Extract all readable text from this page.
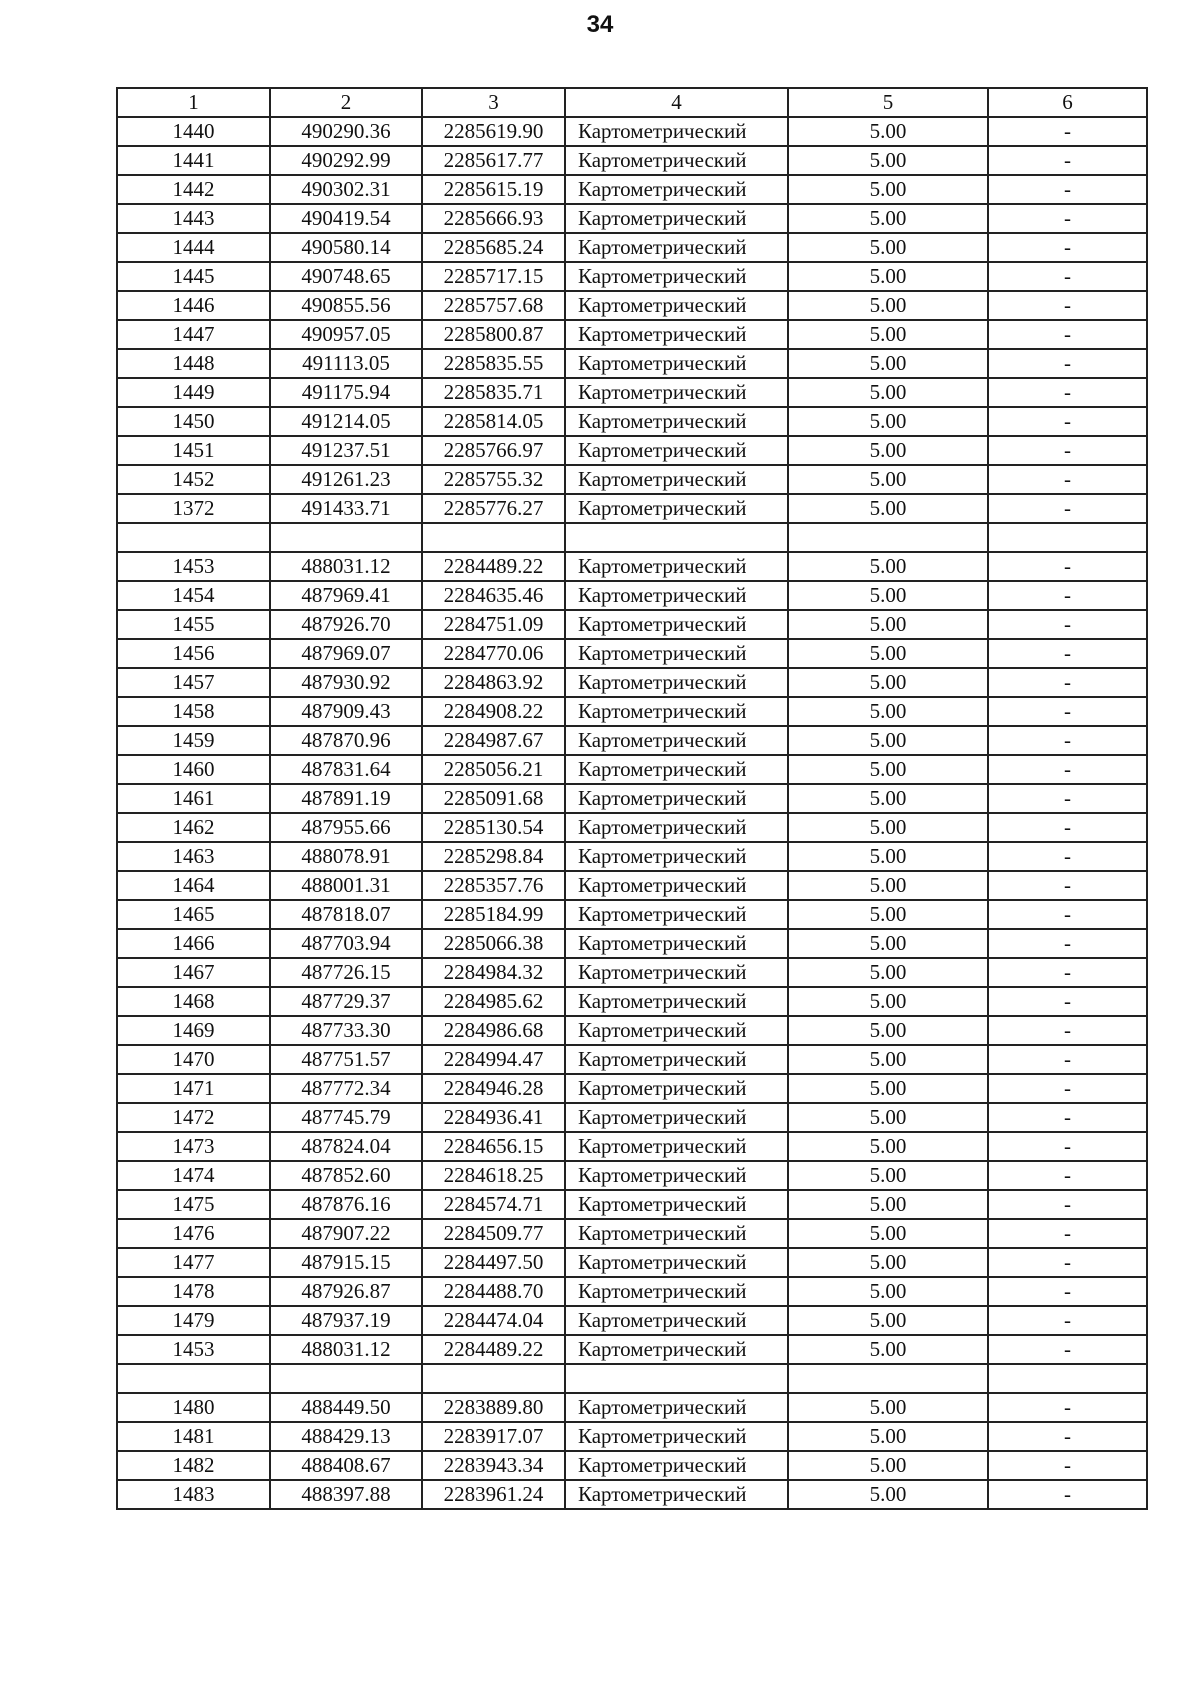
34
1	2	3	4	5	6
1440	490290.36	2285619.90	Картометрический	5.00	-
1441	490292.99	2285617.77	Картометрический	5.00	-
1442	490302.31	2285615.19	Картометрический	5.00	-
1443	490419.54	2285666.93	Картометрический	5.00	-
1444	490580.14	2285685.24	Картометрический	5.00	-
1445	490748.65	2285717.15	Картометрический	5.00	-
1446	490855.56	2285757.68	Картометрический	5.00	-
1447	490957.05	2285800.87	Картометрический	5.00	-
1448	491113.05	2285835.55	Картометрический	5.00	-
1449	491175.94	2285835.71	Картометрический	5.00	-
1450	491214.05	2285814.05	Картометрический	5.00	-
1451	491237.51	2285766.97	Картометрический	5.00	-
1452	491261.23	2285755.32	Картометрический	5.00	-
1372	491433.71	2285776.27	Картометрический	5.00	-

1453	488031.12	2284489.22	Картометрический	5.00	-
1454	487969.41	2284635.46	Картометрический	5.00	-
1455	487926.70	2284751.09	Картометрический	5.00	-
1456	487969.07	2284770.06	Картометрический	5.00	-
1457	487930.92	2284863.92	Картометрический	5.00	-
1458	487909.43	2284908.22	Картометрический	5.00	-
1459	487870.96	2284987.67	Картометрический	5.00	-
1460	487831.64	2285056.21	Картометрический	5.00	-
1461	487891.19	2285091.68	Картометрический	5.00	-
1462	487955.66	2285130.54	Картометрический	5.00	-
1463	488078.91	2285298.84	Картометрический	5.00	-
1464	488001.31	2285357.76	Картометрический	5.00	-
1465	487818.07	2285184.99	Картометрический	5.00	-
1466	487703.94	2285066.38	Картометрический	5.00	-
1467	487726.15	2284984.32	Картометрический	5.00	-
1468	487729.37	2284985.62	Картометрический	5.00	-
1469	487733.30	2284986.68	Картометрический	5.00	-
1470	487751.57	2284994.47	Картометрический	5.00	-
1471	487772.34	2284946.28	Картометрический	5.00	-
1472	487745.79	2284936.41	Картометрический	5.00	-
1473	487824.04	2284656.15	Картометрический	5.00	-
1474	487852.60	2284618.25	Картометрический	5.00	-
1475	487876.16	2284574.71	Картометрический	5.00	-
1476	487907.22	2284509.77	Картометрический	5.00	-
1477	487915.15	2284497.50	Картометрический	5.00	-
1478	487926.87	2284488.70	Картометрический	5.00	-
1479	487937.19	2284474.04	Картометрический	5.00	-
1453	488031.12	2284489.22	Картометрический	5.00	-

1480	488449.50	2283889.80	Картометрический	5.00	-
1481	488429.13	2283917.07	Картометрический	5.00	-
1482	488408.67	2283943.34	Картометрический	5.00	-
1483	488397.88	2283961.24	Картометрический	5.00	-
